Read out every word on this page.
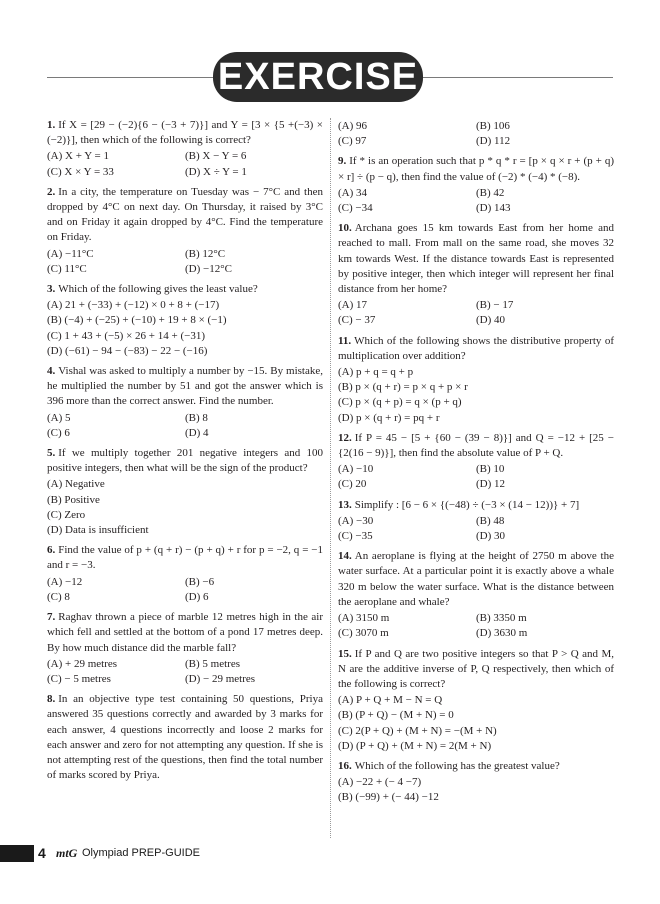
EXERCISE
1. If X = [29 − (−2){6 − (−3 + 7)}] and Y = [3 × {5 +(−3) × (−2)}], then which of the following is correct?
(A) X + Y = 1	(B) X − Y = 6
(C) X × Y = 33	(D) X ÷ Y = 1
2. In a city, the temperature on Tuesday was − 7°C and then dropped by 4°C on next day. On Thursday, it raised by 3°C and on Friday it again dropped by 4°C. Find the temperature on Friday.
(A) −11°C	(B) 12°C
(C) 11°C	(D) −12°C
3. Which of the following gives the least value?
(A) 21 + (−33) + (−12) × 0 + 8 + (−17)
(B) (−4) + (−25) + (−10) + 19 + 8 × (−1)
(C) 1 + 43 + (−5) × 26 + 14 + (−31)
(D) (−61) − 94 − (−83) − 22 − (−16)
4. Vishal was asked to multiply a number by −15. By mistake, he multiplied the number by 51 and got the answer which is 396 more than the correct answer. Find the number.
(A) 5	(B) 8
(C) 6	(D) 4
5. If we multiply together 201 negative integers and 100 positive integers, then what will be the sign of the product?
(A) Negative
(B) Positive
(C) Zero
(D) Data is insufficient
6. Find the value of p + (q + r) − (p + q) + r for p = −2, q = −1 and r = −3.
(A) −12	(B) −6
(C) 8	(D) 6
7. Raghav thrown a piece of marble 12 metres high in the air which fell and settled at the bottom of a pond 17 metres deep. By how much distance did the marble fall?
(A) + 29 metres	(B) 5 metres
(C) − 5 metres	(D) − 29 metres
8. In an objective type test containing 50 questions, Priya answered 35 questions correctly and awarded by 3 marks for each answer, 4 questions incorrectly and loose 2 marks for each answer and zero for not attempting any question. If she is not attempting rest of the questions, then find the total number of marks scored by Priya.
(A) 96	(B) 106
(C) 97	(D) 112
9. If * is an operation such that p * q * r = [p × q × r + (p + q) × r] ÷ (p − q), then find the value of (−2) * (−4) * (−8).
(A) 34	(B) 42
(C) −34	(D) 143
10. Archana goes 15 km towards East from her home and reached to mall. From mall on the same road, she moves 32 km towards West. If the distance towards East is represented by positive integer, then which integer will represent her final distance from her home?
(A) 17	(B) − 17
(C) − 37	(D) 40
11. Which of the following shows the distributive property of multiplication over addition?
(A) p + q = q + p
(B) p × (q + r) = p × q + p × r
(C) p × (q + p) = q × (p + q)
(D) p × (q + r) = pq + r
12. If P = 45 − [5 + {60 − (39 − 8)}] and Q = −12 + [25 − {2(16 − 9)}], then find the absolute value of P + Q.
(A) −10	(B) 10
(C) 20	(D) 12
13. Simplify : [6 − 6 × {(−48) ÷ (−3 × (14 − 12))} + 7]
(A) −30	(B) 48
(C) −35	(D) 30
14. An aeroplane is flying at the height of 2750 m above the water surface. At a particular point it is exactly above a whale 320 m below the water surface. What is the distance between the aeroplane and whale?
(A) 3150 m	(B) 3350 m
(C) 3070 m	(D) 3630 m
15. If P and Q are two positive integers so that P > Q and M, N are the additive inverse of P, Q respectively, then which of the following is correct?
(A) P + Q + M − N = Q
(B) (P + Q) − (M + N) = 0
(C) 2(P + Q) + (M + N) = −(M + N)
(D) (P + Q) + (M + N) = 2(M + N)
16. Which of the following has the greatest value?
(A) −22 + (− 4 −7)
(B) (−99) + (− 44) −12
4 mtG Olympiad PREP-GUIDE
